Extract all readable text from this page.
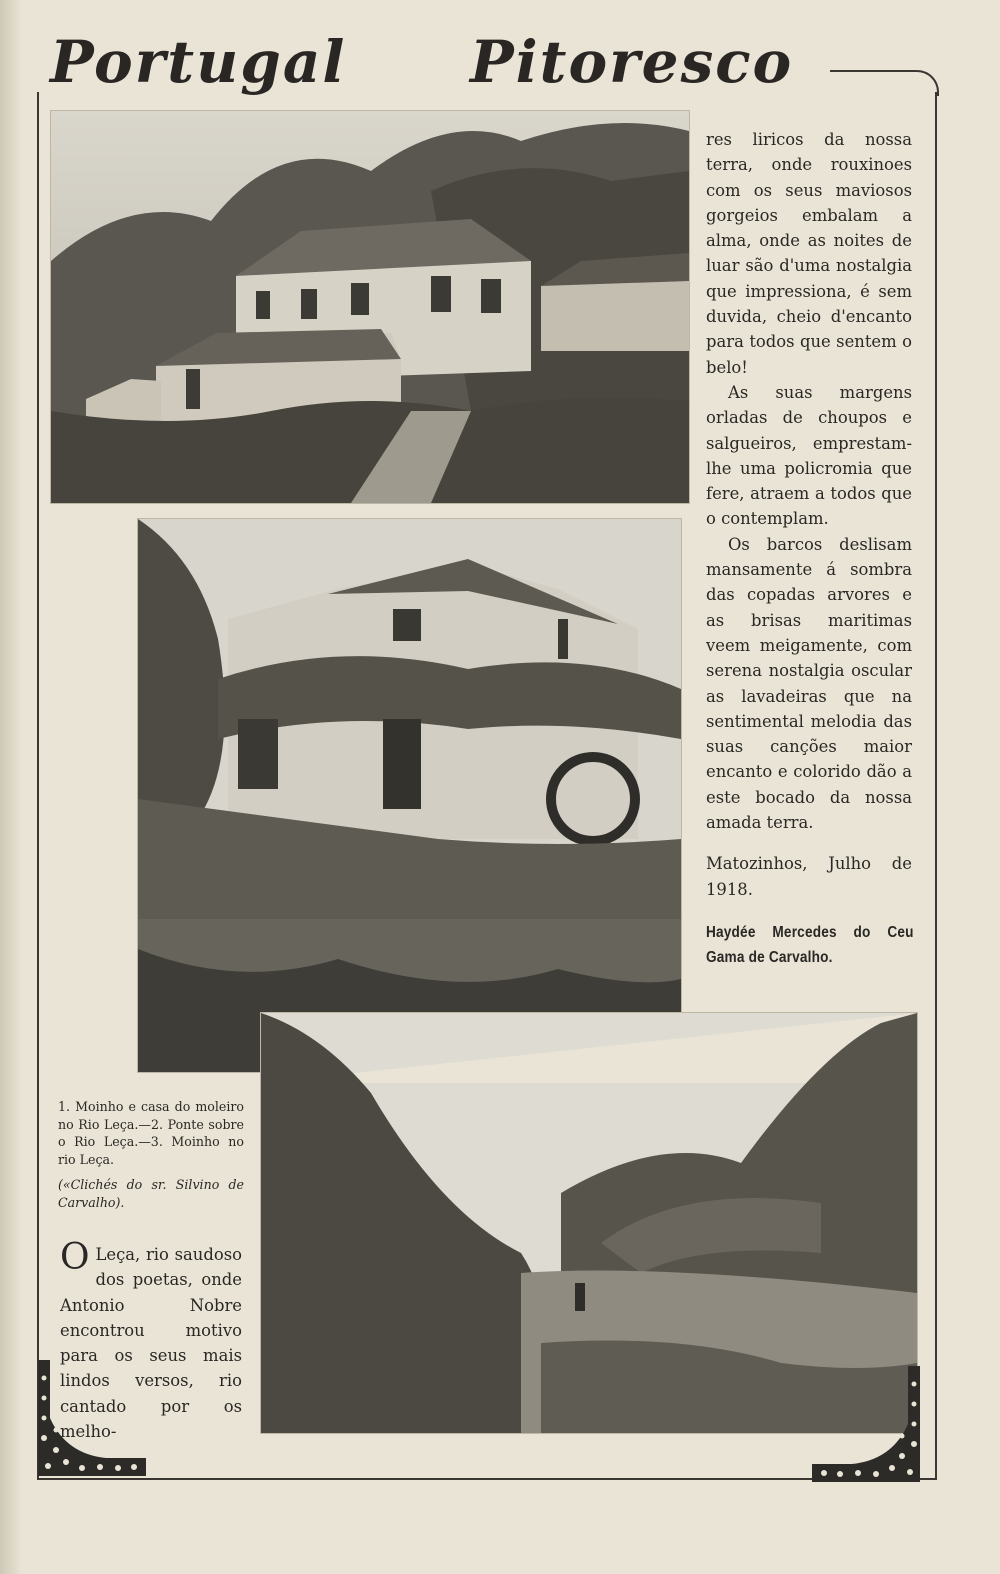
Portugal Pitoresco

res liricos da nossa terra, onde rouxinoes com os seus maviosos gorgeios embalam a alma, onde as noites de luar são d'uma nostalgia que impressiona, é sem duvida, cheio d'encanto para todos que sentem o belo!

As suas margens orladas de choupos e salgueiros, emprestam-lhe uma policromia que fere, atraem a todos que o contemplam.

Os barcos deslisam mansamente á sombra das copadas arvores e as brisas maritimas veem meigamente, com serena nostalgia oscular as lavadeiras que na sentimental melodia das suas canções maior encanto e colorido dão a este bocado da nossa amada terra.

Matozinhos, Julho de 1918.

Haydée Mercedes do Ceu Gama de Carvalho.

1. Moinho e casa do moleiro no Rio Leça.—2. Ponte sobre o Rio Leça.—3. Moinho no rio Leça.
(«Clichés do sr. Silvino de Carvalho).
O Leça, rio saudoso dos poetas, onde Antonio Nobre encontrou motivo para os seus mais lindos versos, rio cantado por os melho-
